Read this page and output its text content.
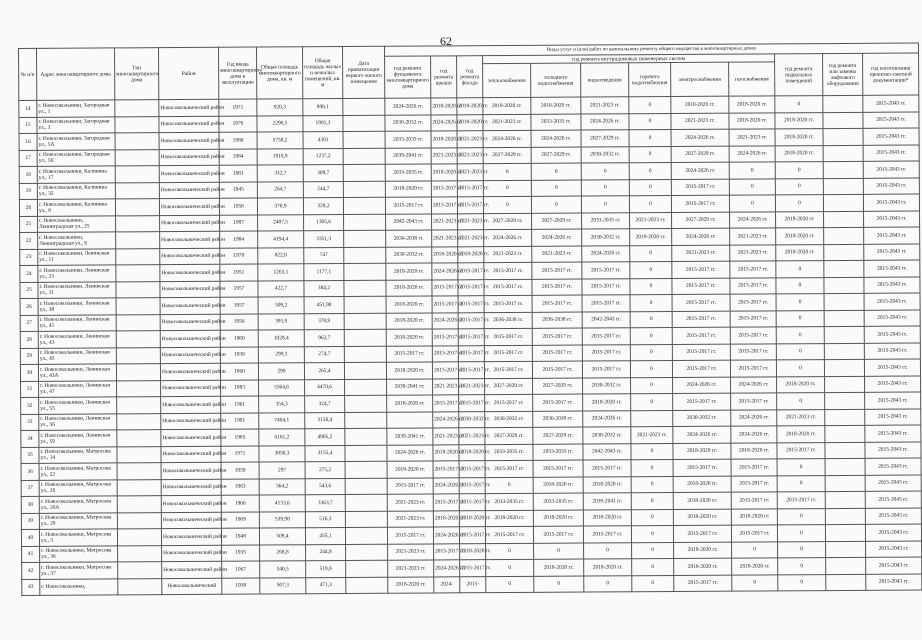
62
№ п/п	Адрес многоквартирного дома	Тип многоквартирного дома	Район	Год ввода многоквартирного дома в эксплуатацию	Общая площадь многоквартирного дома, кв. м	Общая площадь жилых и нежилых помещений, кв. м	Дата приватизации первого жилого помещения	Виды услуг и (или) работ по капитальному ремонту общего имущества в многоквартирных домах											
								год ремонта фундамента многоквартирного дома	год ремонта крыши	год ремонта фасада	год ремонта внутридомовых инженерных систем						год ремонта подвальных помещений	год ремонта или замены лифтового оборудования	год изготовления проектно-сметной документации*
											теплоснабжения	холодного водоснабжения	водоотведения	горячего водоснабжения	электроснабжения	газоснабжения			
14	г. Новосокольники, Загородная ул., 1		Новосокольнический район	1971	920,3	898,1		2024-2026 гг.	2018-2020 гг.	2018-2020 гг.	2018-2020 гг.	2018-2020 гг.	2021-2023 гг.	0	2018-2020 гг.	2018-2020 гг.	0		2015-2043 гг.
15	г. Новосокольники, Загородная ул., 3		Новосокольнический район	1976	2290,5	1901,3		2030-2032 гг.	2024-2026 гг.	2018-2020 гг.	2021-2023 гг.	2033-2035 гг.	2024-2026 гг.	0	2021-2023 гг.	2018-2020 гг.	2018-2020 гг.		2015-2043 гг.
16	г. Новосокольники, Загородная ул., 5А		Новосокольнический район	1980	5758,2	4301		2033-2035 гг.	2018-2020 гг.	2021-2023 гг.	2024-2026 гг.	2024-2026 гг.	2027-2029 гг.	0	2024-2026 гг.	2021-2023 гг.	2018-2020 гг.		2015-2043 гг.
17	г. Новосокольники, Загородная ул., 56		Новосокольнический район	1984	1918,9	1237,2		2039-2041 гг.	2021-2023 гг.	2021-2023 гг.	2027-2029 гг.	2027-2029 гг.	2030-2032 гг.	0	2027-2029 гг.	2024-2026 гг.	2018-2020 гг.		2015-2043 гг.
18	г. Новосокольники, Калинина ул., 17		Новосокольнический район	1981	332,7	309,7		2033-2035 гг.	2018-2020 гг.	2021-2023 гг.	0	0	0	0	2024-2026 гг.	0	0		2015-2043 гг.
19	г. Новосокольники, Калинина ул., 32		Новосокольнический район	1945	264,7	244,7		2018-2020 гг.	2015-2017 гг.	2015-2017 гг.	0	0	0	0	2015-2017 гг.	0	0		2015-2043 гг.
20	г. Новосокольники, Калинина ул., 8		Новосокольнический район	1958	370,9	329,2		2015-2017 гг.	2015-2017 гг.	2015-2017 гг.	0	0	0	0	2015-2017 гг.	0	0		2015-2043 гг.
21	г. Новосокольники, Ленинградская ул., 25		Новосокольнический район	1987	2487,5	1305,6		2042-2043 гг.	2021-2023 гг.	2021-2023 гг.	2027-2029 гг.	2027-2029 гг.	2033-2035 гг.	2021-2023 гг.	2027-2029 гг.	2024-2026 гг.	2018-2020 гг.		2015-2043 гг.
22	г. Новосокольники, Ленинградская ул., 9		Новосокольнический район	1984	4194,4	3351,3		2036-2038 гг.	2021-2023 гг.	2021-2023 гг.	2024-2026 гг.	2024-2026 гг.	2030-2032 гг.	2018-2020 гг.	2024-2026 гг.	2021-2023 гг.	2018-2020 гг.		2015-2043 гг.
23	г. Новосокольники, Ленинская ул., 11		Новосокольнический район	1978	822,8	747		2030-2032 гг.	2018-2020 гг.	2018-2020 гг.	2021-2023 гг.	2021-2023 гг.	2024-2026 гг.	0	2021-2023 гг.	2021-2023 гг.	2018-2020 гг.		2015-2043 гг.
24	г. Новосокольники, Ленинская ул., 23		Новосокольнический район	1951	1263,1	1177,1		2018-2020 гг.	2024-2026 гг.	2015-2017 гг.	2015-2017 гг.	2015-2017 гг.	2015-2017 гг.	0	2015-2017 гг.	2015-2017 гг.	0		2015-2043 гг.
25	г. Новосокольники, Ленинская ул., 31		Новосокольнический район	1957	422,7	384,2		2018-2020 гг.	2015-2017 гг.	2015-2017 гг.	2015-2017 гг.	2015-2017 гг.	2015-2017 гг.	0	2015-2017 гг.	2015-2017 гг.	0		2015-2043 гг.
26	г. Новосокольники, Ленинская ул., 38		Новосокольнический район	1957	509,2	451,98		2018-2020 гг.	2015-2017 гг.	2015-2017 гг.	2015-2017 гг.	2015-2017 гг.	2015-2017 гг.	0	2015-2017 гг.	2015-2017 гг.	0		2015-2043 гг.
27	г. Новосокольники, Ленинская ул., 41		Новосокольнический район	1956	395,9	370,9		2018-2020 гг.	2024-2026 гг.	2015-2017 гг.	2036-2038 гг.	2036-2038 гг.	2042-2043 гг.	0	2015-2017 гг.	2015-2017 гг.	0		2015-2043 гг.
28	г. Новосокольники, Ленинская ул., 43		Новосокольнический район	1960	1028,4	962,7		2018-2020 гг.	2015-2017 гг.	2015-2017 гг.	2015-2017 гг.	2015-2017 гг.	2015-2017 гг.	0	2015-2017 гг.	2015-2017 гг.	0		2015-2043 гг.
29	г. Новосокольники, Ленинская ул., 45		Новосокольнический район	1938	299,3	274,7		2015-2017 гг.	2015-2017 гг.	2015-2017 гг.	2015-2017 гг.	2015-2017 гг.	2015-2017 гг.	0	2015-2017 гг.	2015-2017 гг.	0		2015-2043 гг.
30	г. Новосокольники, Ленинская ул., 43А		Новосокольнический район	1960	290	265,4		2018-2020 гг.	2015-2017 гг.	2015-2017 гг.	2015-2017 гг.	2015-2017 гг.	2015-2017 гг.	0	2015-2017 гг.	2015-2017 гг.	0		2015-2043 гг.
31	г. Новосокольники, Ленинская ул., 47		Новосокольнический район	1983	5564,6	4470,6		2039-2041 гг.	2021-2023 гг.	2021-2023 гг.	2027-2029 гг.	2027-2029 гг.	2030-2032 гг.	0	2024-2026 гг.	2024-2026 гг.	2018-2020 гг.		2015-2043 гг.
32	г. Новосокольники, Ленинская ул., 55		Новосокольнический район	1961	354,3	324,7		2018-2020 гг.	2015-2017 гг.	2015-2017 гг.	2015-2017 гг.	2015-2017 гг.	2018-2020 гг.	0	2015-2017 гг.	2015-2017 гг.	0		2015-2043 гг.
33	г. Новосокольники, Ленинская ул., 56		Новосокольнический район	1991	7404,1	3158,4			2024-2026 гг.	2030-2032 гг.	2030-2032 гг.	2036-2038 гг.	2024-2026 гг.		2030-2032 гг.	2024-2026 гг.	2021-2023 гг.		2015-2043 гг.
34	г. Новосокольники, Ленинская ул., 59		Новосокольнический район	1985	6161,2	4905,2		2039-2041 гг.	2021-2023 гг.	2021-2023 гг.	2027-2029 гг.	2027-2029 гг.	2030-2032 гг.	2021-2023 гг.	2024-2026 гг.	2024-2026 гг.	2018-2020 гг.		2015-2043 гг.
35	г. Новосокольники, Матросова ул., 14		Новосокольнический район	1971	3850,3	3155,4		2024-2026 гг.	2018-2020 гг.	2018-2020 гг.	2033-2035 гг.	2033-2035 гг.	2042-2043 гг.	0	2018-2020 гг.	2018-2020 гг.	2015-2017 гг.		2015-2043 гг.
36	г. Новосокольники, Матросова ул., 22		Новосокольнический район	1959	297	275,2		2018-2020 гг.	2015-2017 гг.	2015-2017 гг.	2015-2017 гг.	2015-2017 гг.	2015-2017 гг.	0	2015-2017 гг.	2015-2017 гг.	0		2015-2043 гг.
37	г. Новосокольники, Матросова ул., 26		Новосокольнический район	1963	564,2	543,6		2015-2017 гг.	2024-2026 гг.	2015-2017 гг.	0	2018-2020 гг.	2018-2020 гг.	0	2018-2020 гг.	2015-2017 гг.	0		2015-2043 гг.
38	г. Новосокольники, Матросова ул., 26А		Новосокольнический район	1966	4133,6	3363,7		2021-2023 гг.	2015-2017 гг.	2015-2017 гг.	2033-2035 гг.	2033-2035 гг.	2039-2041 гг.	0	2018-2020 гг.	2015-2017 гг.	2015-2017 гг.		2015-2043 гг.
39	г. Новосокольники, Матросова ул., 29		Новосокольнический район	1969	539,98	516,3		2021-2023 гг.	2018-2020 гг.	2018-2020 гг.	2018-2020 гг.	2018-2020 гг.	2018-2020 гг.	0	2018-2020 гг.	2018-2020 гг.	0		2015-2043 гг.
40	г. Новосокольники, Матросова ул., 3		Новосокольнический район	1948	509,4	455,1		2015-2017 гг.	2024-2026 гг.	2015-2017 гг.	2015-2017 гг.	2015-2017 гг.	2015-2017 гг.	0	2015-2017 гг.	2015-2017 гг.	0		2015-2043 гг.
41	г. Новосокольники, Матросова ул., 36		Новосокольнический район	1935	268,8	244,8		2021-2023 гг.	2015-2017 гг.	2018-2020 гг.	0	0	0	0	2018-2020 гг.	0	0		2015-2043 гг.
42	г. Новосокольники, Матросова ул., 37		Новосокольнический район	1967	540,5	519,9		2021-2023 гг.	2024-2026 гг.	2015-2017 гг.	0	2018-2020 гг.	2018-2020 гг.	0	2018-2020 гг.	2018-2020 гг.	0		2015-2043 гг.
43	г. Новосокольники,		Новосокольнический	1938	507,3	471,3		2018-2020 гг.	2024-	2015-	0	0	0	0	2015-2017 гг.	0	0		2015-2043 гг.
